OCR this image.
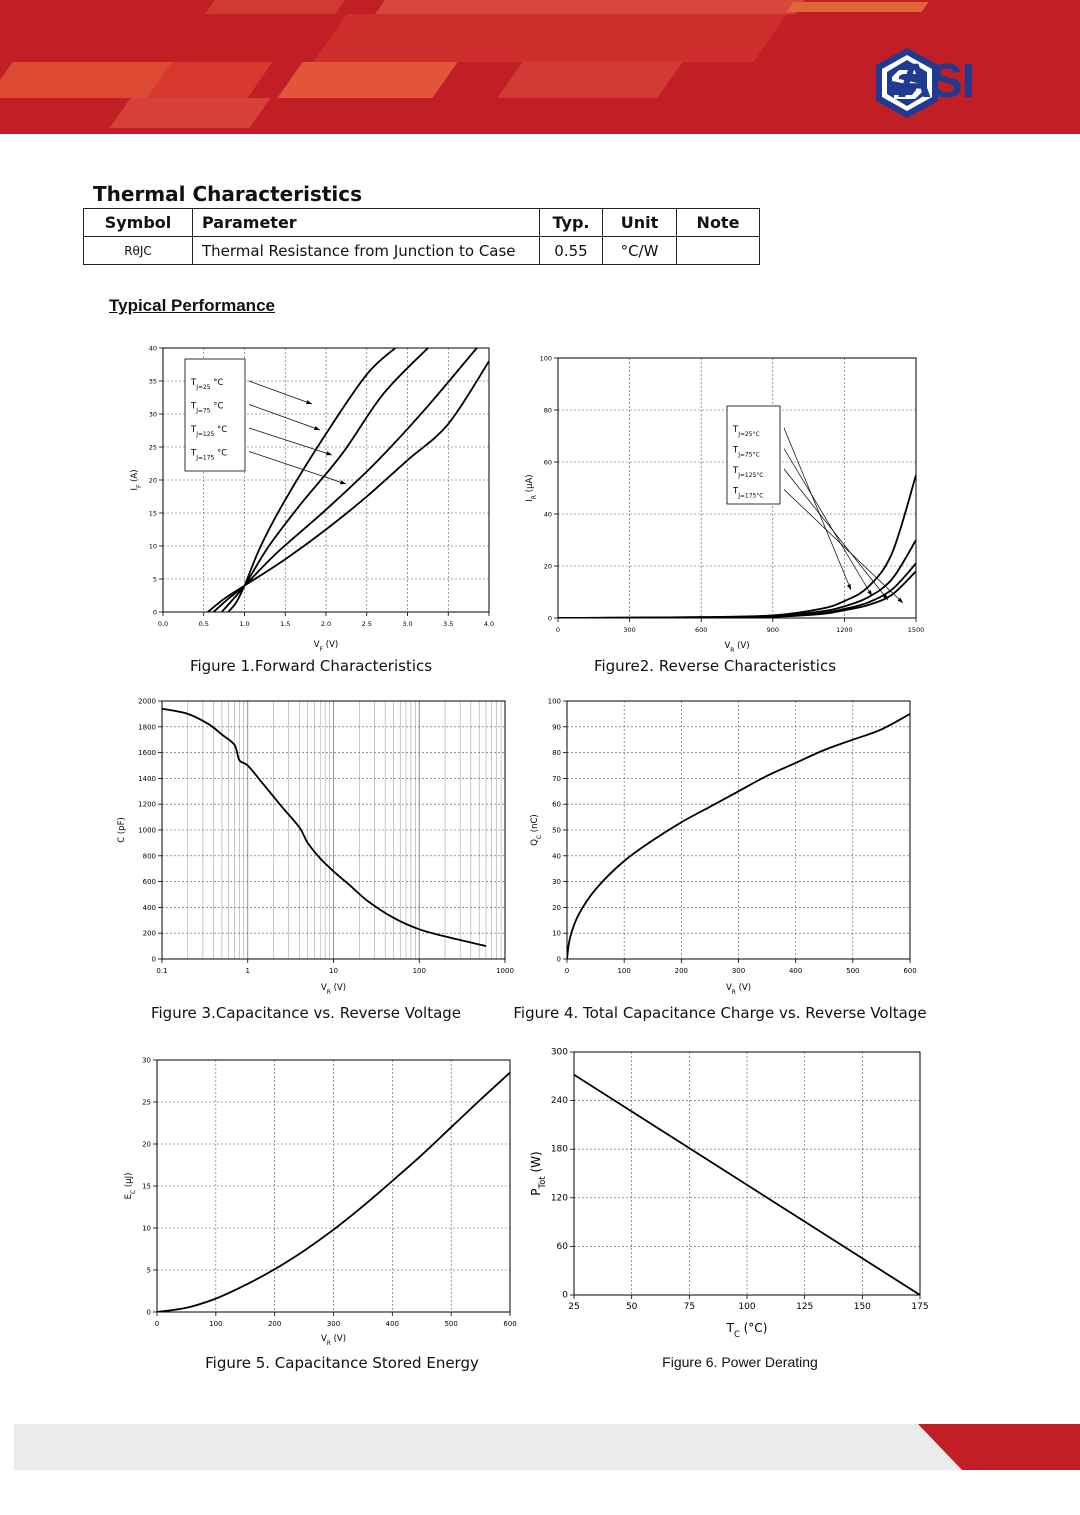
ASI
Thermal Characteristics
Symbol	Parameter	Typ.	Unit	Note
RθJC	Thermal Resistance from Junction to Case	0.55	°C/W	
Typical Performance
0
5
10
15
20
25
30
35
40
0.0	0.5	1.0	1.5	2.0	2.5	3.0	3.5	4.0
$V_F$ (V)
$I_F$ (A)
$T_{J=25}$ °C
$T_{J=75}$ °C
$T_{J=125}$ °C
$T_{J=175}$ °C
0
20
40
60
80
100
0	300	600	900	1200	1500
$V_R$ (V)
$I_R$ (μA)
$T_{J=25^\circ C}$
$T_{J=75^\circ C}$
$T_{J=125^\circ C}$
$T_{J=175^\circ C}$
0
200
400
600
800
1000
1200
1400
1600
1800
2000
0.1	1	10	100	1000
$V_R$ (V)
C (pF)
0
10
20
30
40
50
60
70
80
90
100
0	100	200	300	400	500	600
$V_R$ (V)
$Q_C$ (nC)
0
5
10
15
20
25
30
0	100	200	300	400	500	600
$V_R$ (V)
$E_C$ (μJ)
0
60
120
180
240
300
25	50	75	100	125	150	175
$T_C$ (°C)
$P_{Tot}$ (W)
Figure 1.Forward Characteristics	Figure2. Reverse Characteristics
Figure 3.Capacitance vs. Reverse Voltage	Figure 4. Total Capacitance Charge vs. Reverse Voltage
Figure 5. Capacitance Stored Energy	Figure 6. Power Derating
